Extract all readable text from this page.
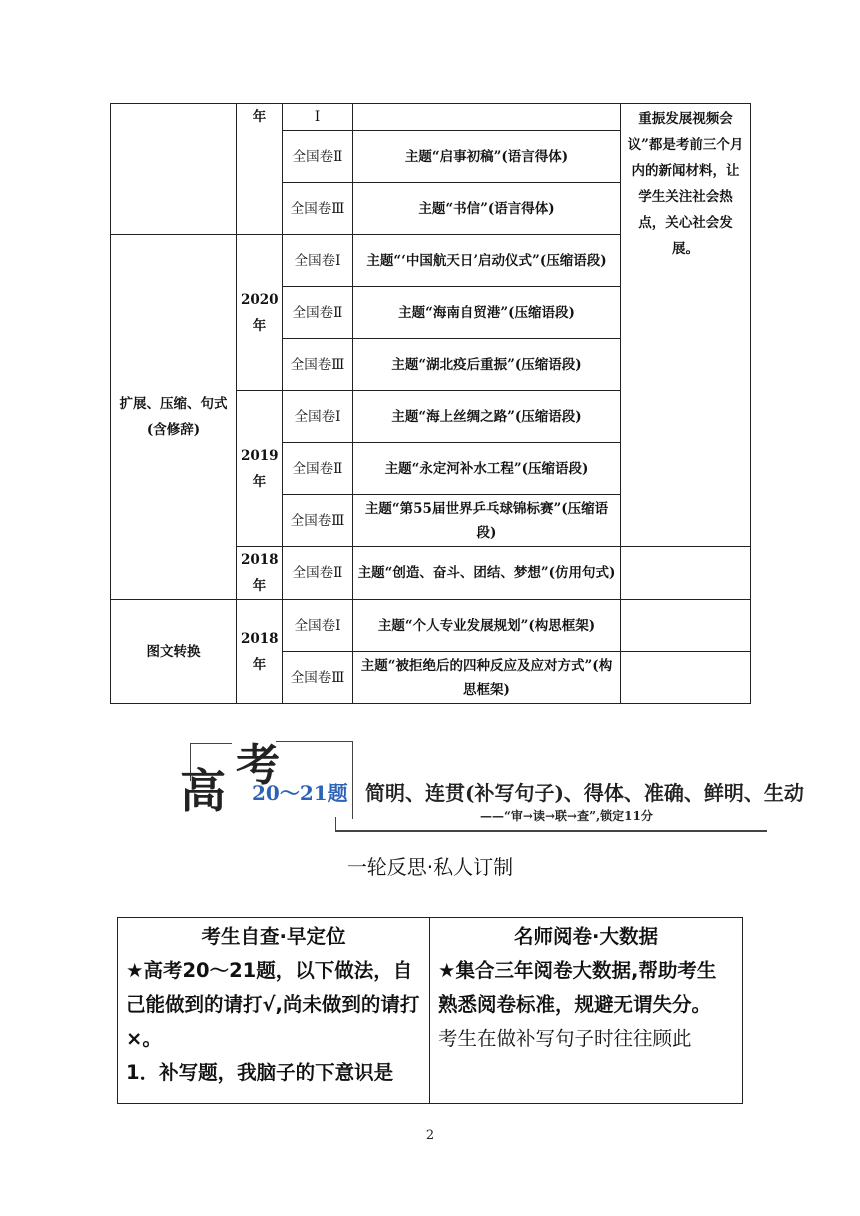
	年	Ⅰ		重振发展视频会议”都是考前三个月内的新闻材料，让学生关注社会热点，关心社会发展。
		全国卷Ⅱ	主题“启事初稿”(语言得体)	
		全国卷Ⅲ	主题“书信”(语言得体)	
扩展、压缩、句式(含修辞)	2020年	全国卷Ⅰ	主题“‘中国航天日’启动仪式”(压缩语段)	
		全国卷Ⅱ	主题“海南自贸港”(压缩语段)	
		全国卷Ⅲ	主题“湖北疫后重振”(压缩语段)	
	2019年	全国卷Ⅰ	主题“海上丝绸之路”(压缩语段)	
		全国卷Ⅱ	主题“永定河补水工程”(压缩语段)	
		全国卷Ⅲ	主题“第55届世界乒乓球锦标赛”(压缩语段)	
	2018年	全国卷Ⅱ	主题“创造、奋斗、团结、梦想”(仿用句式)	
图文转换	2018年	全国卷Ⅰ	主题“个人专业发展规划”(构思框架)	
		全国卷Ⅲ	主题“被拒绝后的四种反应及应对方式”(构思框架)	
高 考
20～21题 简明、连贯(补写句子)、得体、准确、鲜明、生动
——“审→读→联→查”,锁定11分
一轮反思·私人订制
考生自查·早定位
★高考20～21题，以下做法，自己能做到的请打√,尚未做到的请打×。
1．补写题，我脑子的下意识是	
名师阅卷·大数据
★集合三年阅卷大数据,帮助考生熟悉阅卷标准，规避无谓失分。
考生在做补写句子时往往顾此
2
